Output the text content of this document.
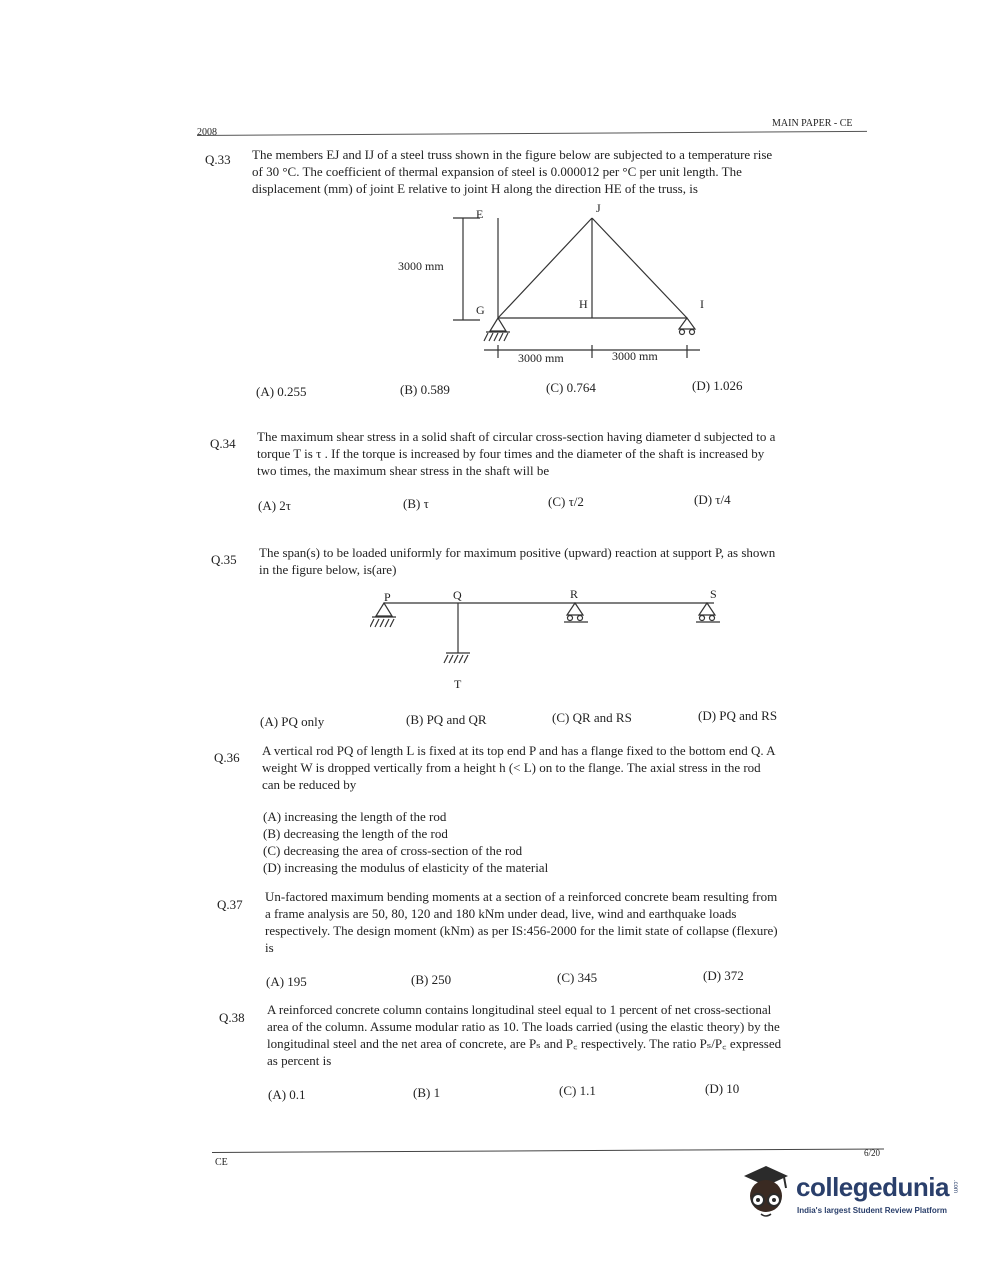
2008
MAIN PAPER - CE
Q.33 The members EJ and IJ of a steel truss shown in the figure below are subjected to a temperature rise
of 30 °C. The coefficient of thermal expansion of steel is 0.000012 per °C per unit length. The
displacement (mm) of joint E relative to joint H along the direction HE of the truss, is
E	J
G	H	I
3000 mm
3000 mm	3000 mm
(A) 0.255	(B) 0.589	(C) 0.764	(D) 1.026
Q.34 The maximum shear stress in a solid shaft of circular cross-section having diameter d subjected to a
torque T is τ . If the torque is increased by four times and the diameter of the shaft is increased by
two times, the maximum shear stress in the shaft will be
(A) 2τ	(B) τ	(C) τ/2	(D) τ/4
Q.35 The span(s) to be loaded uniformly for maximum positive (upward) reaction at support P, as shown
in the figure below, is(are)
P	Q	R	S
T
(A) PQ only	(B) PQ and QR	(C) QR and RS	(D) PQ and RS
Q.36 A vertical rod PQ of length L is fixed at its top end P and has a flange fixed to the bottom end Q. A
weight W is dropped vertically from a height h (< L) on to the flange. The axial stress in the rod
can be reduced by
(A) increasing the length of the rod
(B) decreasing the length of the rod
(C) decreasing the area of cross-section of the rod
(D) increasing the modulus of elasticity of the material
Q.37
Un-factored maximum bending moments at a section of a reinforced concrete beam resulting from
a frame analysis are 50, 80, 120 and 180 kNm under dead, live, wind and earthquake loads
respectively. The design moment (kNm) as per IS:456-2000 for the limit state of collapse (flexure)
is
(A) 195	(B) 250	(C) 345	(D) 372
Q.38
A reinforced concrete column contains longitudinal steel equal to 1 percent of net cross-sectional
area of the column. Assume modular ratio as 10. The loads carried (using the elastic theory) by the
longitudinal steel and the net area of concrete, are Pₛ and P꜀ respectively. The ratio Pₛ/P꜀ expressed
as percent is
(A) 0.1	(B) 1	(C) 1.1	(D) 10
6/20
CE
collegedunia .com
India's largest Student Review Platform
